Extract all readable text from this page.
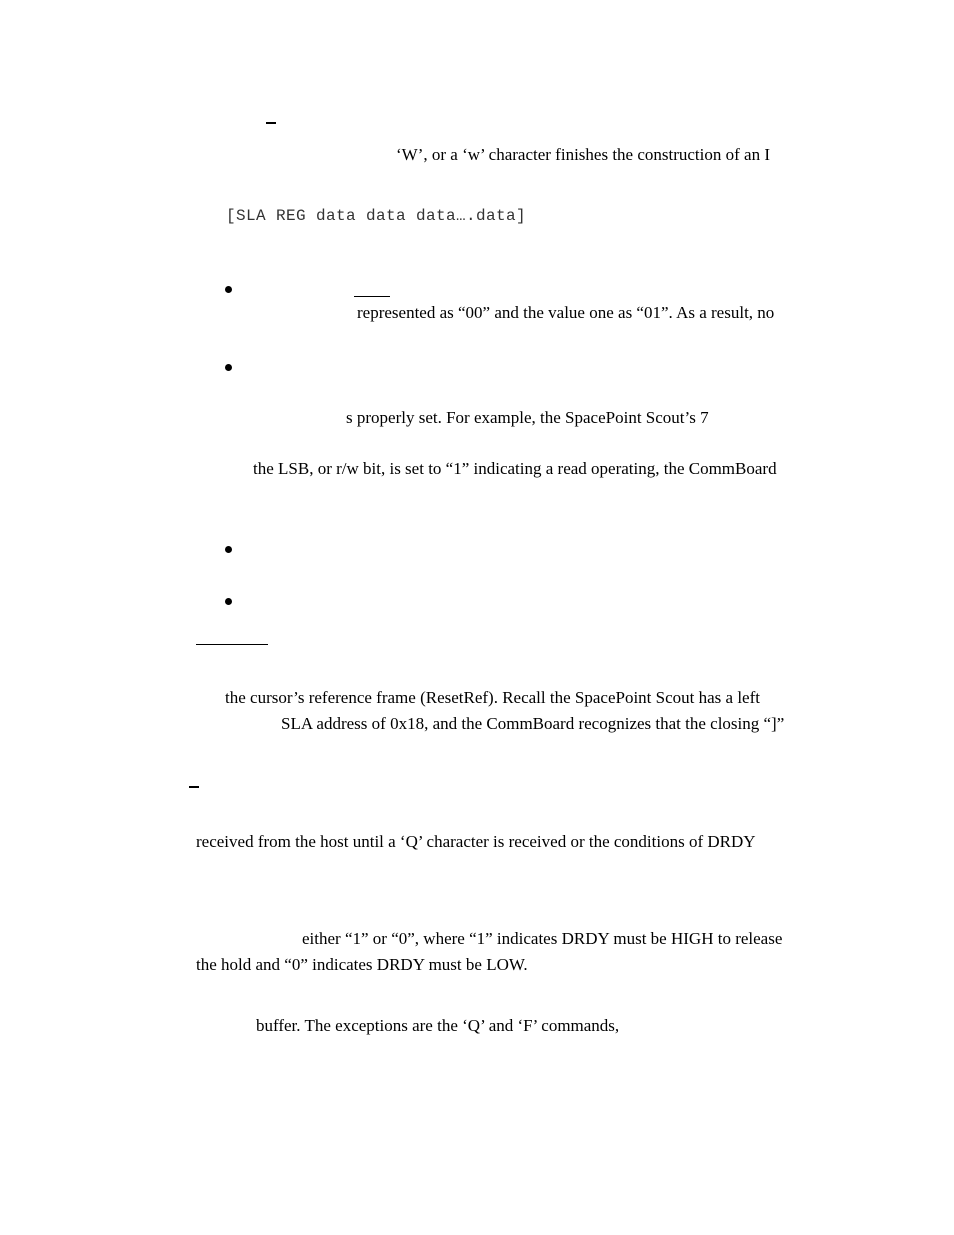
‘W’, or a ‘w’ character finishes the construction of an I
[SLA REG data data data….data]
represented as “00” and the value one as “01”. As a result, no
s properly set. For example, the SpacePoint Scout’s 7
the LSB, or r/w bit, is set to “1” indicating a read operating, the CommBoard
the cursor’s reference frame (ResetRef). Recall the SpacePoint Scout has a left
SLA address of 0x18, and the CommBoard recognizes that the closing “]”
received from the host until a ‘Q’ character is received or the conditions of DRDY
either “1” or “0”, where “1” indicates DRDY must be HIGH to release
the hold and “0” indicates DRDY must be LOW.
buffer. The exceptions are the ‘Q’ and ‘F’ commands,
